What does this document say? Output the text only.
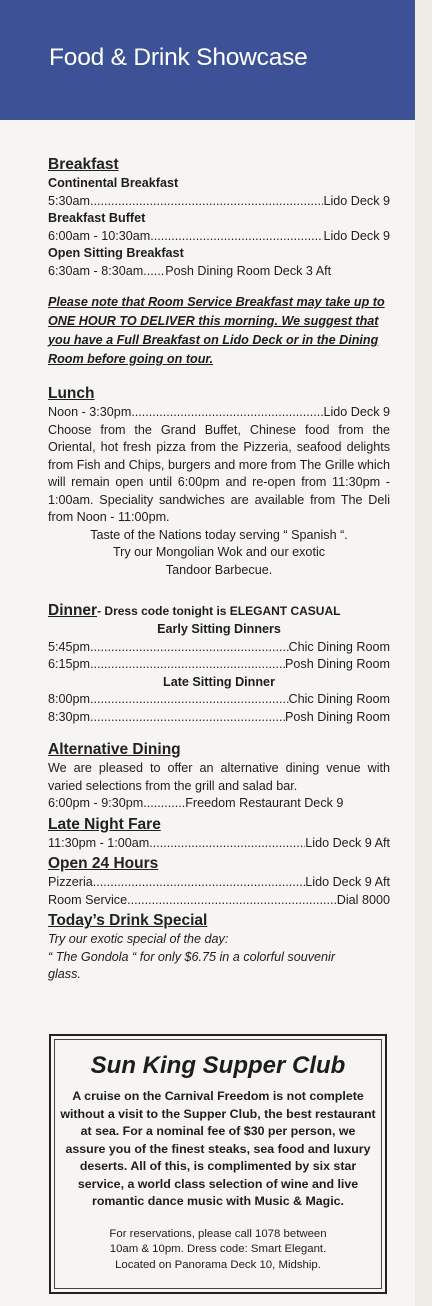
Food & Drink Showcase
Breakfast
Continental Breakfast
5:30am .....	Lido Deck 9
Breakfast Buffet
6:00am - 10:30am .....	Lido Deck 9
Open Sitting Breakfast
6:30am - 8:30am ..... Posh Dining Room Deck 3 Aft
Please note that Room Service Breakfast may take up to ONE HOUR TO DELIVER this morning. We suggest that you have a Full Breakfast on Lido Deck or in the Dining Room before going on tour.
Lunch
Noon - 3:30pm .....	Lido Deck 9
Choose from the Grand Buffet, Chinese food from the Oriental, hot fresh pizza from the Pizzeria, seafood delights from Fish and Chips, burgers and more from The Grille which will remain open until 6:00pm and re-open from 11:30pm - 1:00am. Speciality sandwiches are available from The Deli from Noon - 11:00pm.
Taste of the Nations today serving “ Spanish “.
Try our Mongolian Wok and our exotic Tandoor Barbecue.
Dinner- Dress code tonight is ELEGANT CASUAL
Early Sitting Dinners
5:45pm .....	Chic Dining Room
6:15pm .....	Posh Dining Room
Late Sitting Dinner
8:00pm .....	Chic Dining Room
8:30pm .....	Posh Dining Room
Alternative Dining
We are pleased to offer an alternative dining venue with varied selections from the grill and salad bar.
6:00pm - 9:30pm .....	Freedom Restaurant Deck 9
Late Night Fare
11:30pm - 1:00am .....	Lido Deck 9 Aft
Open 24 Hours
Pizzeria .....	Lido Deck 9 Aft
Room Service .....	Dial 8000
Today’s Drink Special
Try our exotic special of the day:
“ The Gondola “ for only $6.75 in a colorful souvenir glass.
Sun King Supper Club
A cruise on the Carnival Freedom is not complete without a visit to the Supper Club, the best restaurant at sea. For a nominal fee of $30 per person, we assure you of the finest steaks, sea food and luxury deserts. All of this, is complimented by six star service, a world class selection of wine and live romantic dance music with Music & Magic.
For reservations, please call 1078 between
10am & 10pm. Dress code: Smart Elegant.
Located on Panorama Deck 10, Midship.
